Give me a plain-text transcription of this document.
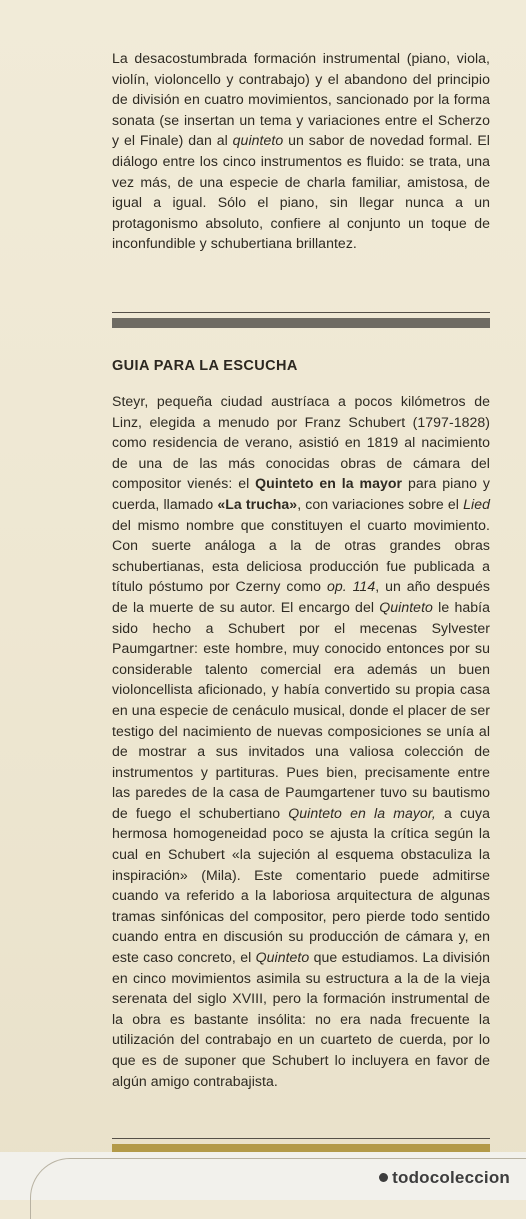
La desacostumbrada formación instrumental (piano, viola, violín, violoncello y contrabajo) y el abandono del principio de división en cuatro movimientos, sancionado por la forma sonata (se insertan un tema y variaciones entre el Scherzo y el Finale) dan al quinteto un sabor de novedad formal. El diálogo entre los cinco instrumentos es fluido: se trata, una vez más, de una especie de charla familiar, amistosa, de igual a igual. Sólo el piano, sin llegar nunca a un protagonismo absoluto, confiere al conjunto un toque de inconfundible y schubertiana brillantez.

GUIA PARA LA ESCUCHA

Steyr, pequeña ciudad austríaca a pocos kilómetros de Linz, elegida a menudo por Franz Schubert (1797-1828) como residencia de verano, asistió en 1819 al nacimiento de una de las más conocidas obras de cámara del compositor vienés: el Quinteto en la mayor para piano y cuerda, llamado «La trucha», con variaciones sobre el Lied del mismo nombre que constituyen el cuarto movimiento. Con suerte análoga a la de otras grandes obras schubertianas, esta deliciosa producción fue publicada a título póstumo por Czerny como op. 114, un año después de la muerte de su autor. El encargo del Quinteto le había sido hecho a Schubert por el mecenas Sylvester Paumgartner: este hombre, muy conocido entonces por su considerable talento comercial era además un buen violoncellista aficionado, y había convertido su propia casa en una especie de cenáculo musical, donde el placer de ser testigo del nacimiento de nuevas composiciones se unía al de mostrar a sus invitados una valiosa colección de instrumentos y partituras. Pues bien, precisamente entre las paredes de la casa de Paumgartener tuvo su bautismo de fuego el schubertiano Quinteto en la mayor, a cuya hermosa homogeneidad poco se ajusta la crítica según la cual en Schubert «la sujeción al esquema obstaculiza la inspiración» (Mila). Este comentario puede admitirse cuando va referido a la laboriosa arquitectura de algunas tramas sinfónicas del compositor, pero pierde todo sentido cuando entra en discusión su producción de cámara y, en este caso concreto, el Quinteto que estudiamos. La división en cinco movimientos asimila su estructura a la de la vieja serenata del siglo XVIII, pero la formación instrumental de la obra es bastante insólita: no era nada frecuente la utilización del contrabajo en un cuarteto de cuerda, por lo que es de suponer que Schubert lo incluyera en favor de algún amigo contrabajista.

todocoleccion
